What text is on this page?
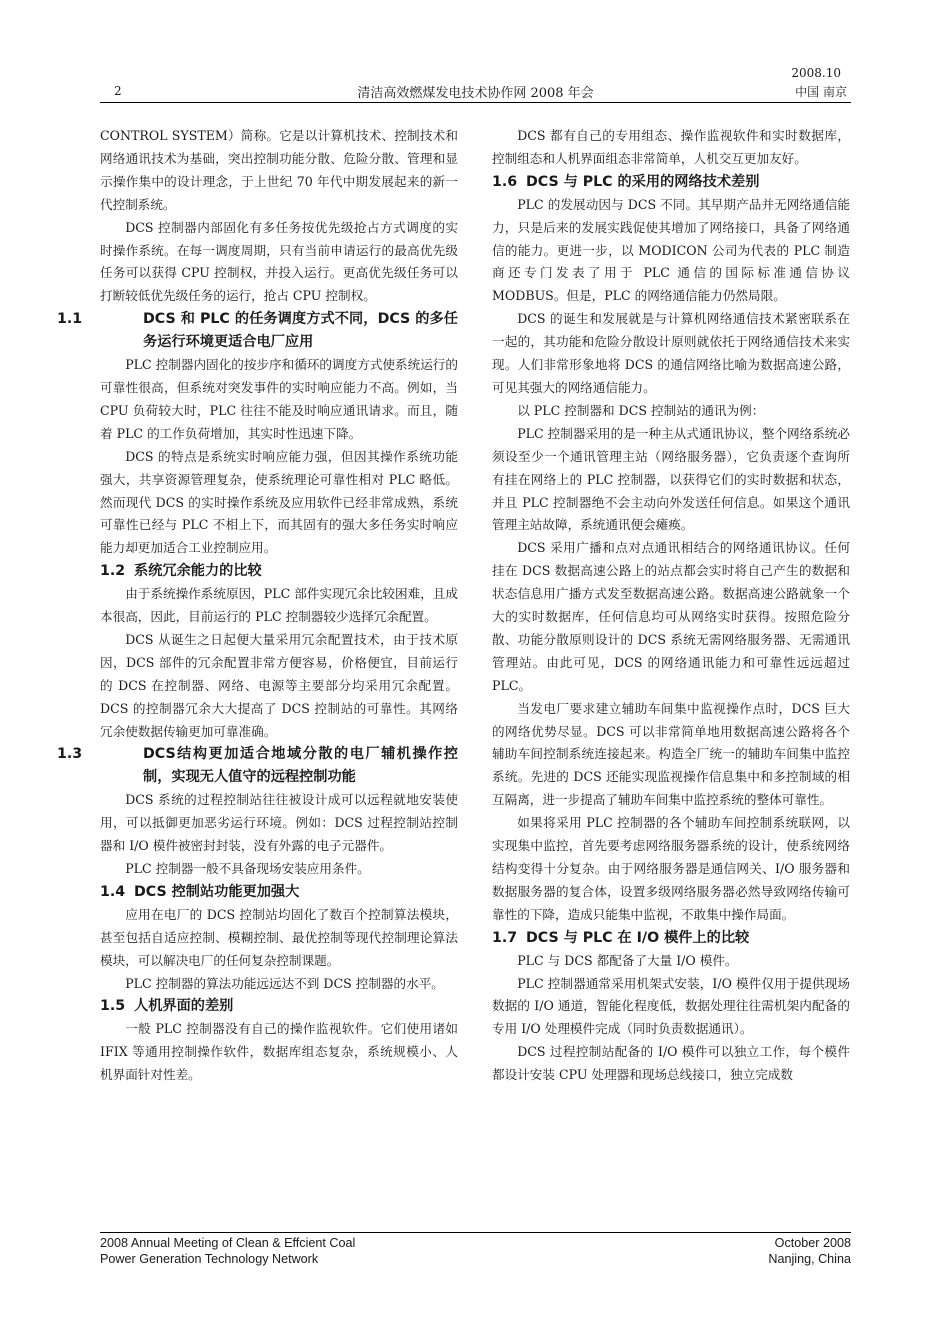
2	清洁高效燃煤发电技术协作网 2008 年会
2008.10
中国 南京

CONTROL SYSTEM）简称。它是以计算机技术、控制技术和网络通讯技术为基础，突出控制功能分散、危险分散、管理和显示操作集中的设计理念，于上世纪 70 年代中期发展起来的新一代控制系统。

DCS 控制器内部固化有多任务按优先级抢占方式调度的实时操作系统。在每一调度周期，只有当前申请运行的最高优先级任务可以获得 CPU 控制权，并投入运行。更高优先级任务可以打断较低优先级任务的运行，抢占 CPU 控制权。

1.1	DCS 和 PLC 的任务调度方式不同，DCS 的多任务运行环境更适合电厂应用

PLC 控制器内固化的按步序和循环的调度方式使系统运行的可靠性很高，但系统对突发事件的实时响应能力不高。例如，当 CPU 负荷较大时，PLC 往往不能及时响应通讯请求。而且，随着 PLC 的工作负荷增加，其实时性迅速下降。

DCS 的特点是系统实时响应能力强，但因其操作系统功能强大，共享资源管理复杂，使系统理论可靠性相对 PLC 略低。然而现代 DCS 的实时操作系统及应用软件已经非常成熟，系统可靠性已经与 PLC 不相上下，而其固有的强大多任务实时响应能力却更加适合工业控制应用。

1.2 系统冗余能力的比较

由于系统操作系统原因，PLC 部件实现冗余比较困难，且成本很高，因此，目前运行的 PLC 控制器较少选择冗余配置。

DCS 从诞生之日起便大量采用冗余配置技术，由于技术原因，DCS 部件的冗余配置非常方便容易，价格便宜，目前运行的 DCS 在控制器、网络、电源等主要部分均采用冗余配置。DCS 的控制器冗余大大提高了 DCS 控制站的可靠性。其网络冗余使数据传输更加可靠准确。

1.3	DCS结构更加适合地域分散的电厂辅机操作控制，实现无人值守的远程控制功能

DCS 系统的过程控制站往往被设计成可以远程就地安装使用，可以抵御更加恶劣运行环境。例如：DCS 过程控制站控制器和 I/O 模件被密封封装，没有外露的电子元器件。

PLC 控制器一般不具备现场安装应用条件。

1.4 DCS 控制站功能更加强大

应用在电厂的 DCS 控制站均固化了数百个控制算法模块，甚至包括自适应控制、模糊控制、最优控制等现代控制理论算法模块，可以解决电厂的任何复杂控制课题。

PLC 控制器的算法功能远远达不到 DCS 控制器的水平。

1.5 人机界面的差别

一般 PLC 控制器没有自己的操作监视软件。它们使用诸如 IFIX 等通用控制操作软件，数据库组态复杂，系统规模小、人机界面针对性差。

DCS 都有自己的专用组态、操作监视软件和实时数据库，控制组态和人机界面组态非常简单，人机交互更加友好。

1.6 DCS 与 PLC 的采用的网络技术差别

PLC 的发展动因与 DCS 不同。其早期产品并无网络通信能力，只是后来的发展实践促使其增加了网络接口，具备了网络通信的能力。更进一步，以 MODICON 公司为代表的 PLC 制造商还专门发表了用于 PLC 通信的国际标准通信协议 MODBUS。但是，PLC 的网络通信能力仍然局限。

DCS 的诞生和发展就是与计算机网络通信技术紧密联系在一起的，其功能和危险分散设计原则就依托于网络通信技术来实现。人们非常形象地将 DCS 的通信网络比喻为数据高速公路，可见其强大的网络通信能力。

以 PLC 控制器和 DCS 控制站的通讯为例：

PLC 控制器采用的是一种主从式通讯协议，整个网络系统必须设至少一个通讯管理主站（网络服务器），它负责逐个查询所有挂在网络上的 PLC 控制器，以获得它们的实时数据和状态，并且 PLC 控制器绝不会主动向外发送任何信息。如果这个通讯管理主站故障，系统通讯便会瘫痪。

DCS 采用广播和点对点通讯相结合的网络通讯协议。任何挂在 DCS 数据高速公路上的站点都会实时将自己产生的数据和状态信息用广播方式发至数据高速公路。数据高速公路就象一个大的实时数据库，任何信息均可从网络实时获得。按照危险分散、功能分散原则设计的 DCS 系统无需网络服务器、无需通讯管理站。由此可见，DCS 的网络通讯能力和可靠性远远超过 PLC。

当发电厂要求建立辅助车间集中监视操作点时，DCS 巨大的网络优势尽显。DCS 可以非常简单地用数据高速公路将各个辅助车间控制系统连接起来。构造全厂统一的辅助车间集中监控系统。先进的 DCS 还能实现监视操作信息集中和多控制域的相互隔离，进一步提高了辅助车间集中监控系统的整体可靠性。

如果将采用 PLC 控制器的各个辅助车间控制系统联网，以实现集中监控，首先要考虑网络服务器系统的设计，使系统网络结构变得十分复杂。由于网络服务器是通信网关、I/O 服务器和数据服务器的复合体，设置多级网络服务器必然导致网络传输可靠性的下降，造成只能集中监视，不敢集中操作局面。

1.7 DCS 与 PLC 在 I/O 模件上的比较

PLC 与 DCS 都配备了大量 I/O 模件。

PLC 控制器通常采用机架式安装，I/O 模件仅用于提供现场数据的 I/O 通道，智能化程度低，数据处理往往需机架内配备的专用 I/O 处理模件完成（同时负责数据通讯）。

DCS 过程控制站配备的 I/O 模件可以独立工作，每个模件都设计安装 CPU 处理器和现场总线接口，独立完成数

2008 Annual Meeting of Clean & Effcient Coal
Power Generation Technology Network
October 2008
Nanjing, China
